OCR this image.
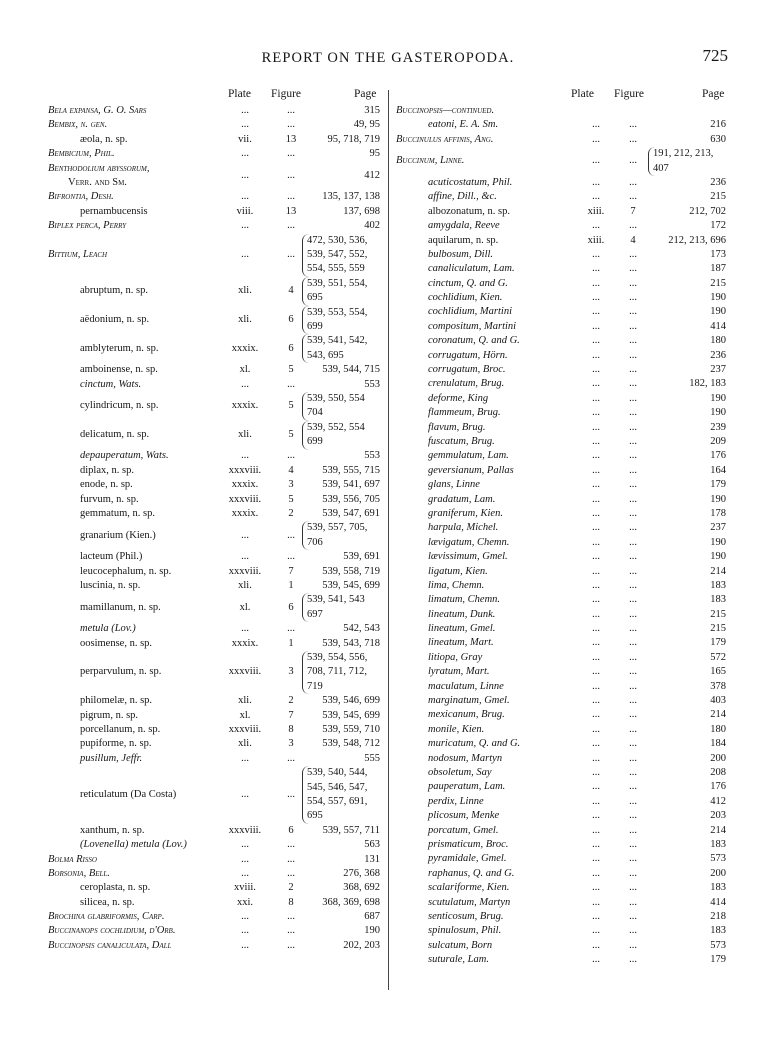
REPORT ON THE GASTEROPODA.	725
Plate Figure	Page
Bela expansa, G. O. Sars	...	...	315
Bembix, n. gen.	...	...	49, 95
æola, n. sp.	vii.	13	95, 718, 719
Bembicium, Phil.	...	...	95
Benthodolium abyssorum,
Verr. and Sm.
...	...	412
Bifrontia, Desh.	...	...	135, 137, 138
pernambucensis	viii.	13	137, 698
Biplex perca, Perry	...	...	402
Bittium, Leach	...	...
472, 530, 536,
539, 547, 552,
554, 555, 559
abruptum, n. sp.	xli.	4
539, 551, 554,
695
aëdonium, n. sp.	xli.	6
539, 553, 554,
699
amblyterum, n. sp.	xxxix.	6
539, 541, 542,
543, 695
amboinense, n. sp.	xl.	5	539, 544, 715
cinctum, Wats.	...	...	553
cylindricum, n. sp.	xxxix.	5
539, 550, 554
704
delicatum, n. sp.	xli.	5
539, 552, 554
699
depauperatum, Wats.	...	...	553
diplax, n. sp.	xxxviii.	4	539, 555, 715
enode, n. sp.	xxxix.	3	539, 541, 697
furvum, n. sp.	xxxviii.	5	539, 556, 705
gemmatum, n. sp.	xxxix.	2	539, 547, 691
granarium (Kien.)	...	...
539, 557, 705,
706
lacteum (Phil.)	...	...	539, 691
leucocephalum, n. sp.	xxxviii.	7	539, 558, 719
luscinia, n. sp.	xli.	1	539, 545, 699
mamillanum, n. sp.	xl.	6
539, 541, 543
697
metula (Lov.)	...	...	542, 543
oosimense, n. sp.	xxxix.	1	539, 543, 718
perparvulum, n. sp.	xxxviii.	3
539, 554, 556,
708, 711, 712,
719
philomelæ, n. sp.	xli.	2	539, 546, 699
pigrum, n. sp.	xl.	7	539, 545, 699
porcellanum, n. sp.	xxxviii.	8	539, 559, 710
pupiforme, n. sp.	xli.	3	539, 548, 712
pusillum, Jeffr.	...	...	555
reticulatum (Da Costa)	...	...
539, 540, 544,
545, 546, 547,
554, 557, 691,
695
xanthum, n. sp.	xxxviii.	6	539, 557, 711
(Lovenella) metula (Lov.)	...	...	563
Bolma Risso	...	...	131
Borsonia, Bell.	...	...	276, 368
ceroplasta, n. sp.	xviii.	2	368, 692
silicea, n. sp.	xxi.	8	368, 369, 698
Brochina glabriformis, Carp.	...	...	687
Buccinanops cochlidium, d'Orb.	...	...	190
Buccinopsis canaliculata, Dall	...	...	202, 203
Plate Figure	Page
Buccinopsis—continued.
eatoni, E. A. Sm.	...	...	216
Buccinulus affinis, Ang.	...	...	630
Buccinum, Linne.	...	...
191, 212, 213,
407
acuticostatum, Phil.	...	...	236
affine, Dill., &c.	...	...	215
albozonatum, n. sp.	xiii.	7	212, 702
amygdala, Reeve	...	...	172
aquilarum, n. sp.	xiii.	4	212, 213, 696
bulbosum, Dill.	...	...	173
canaliculatum, Lam.	...	...	187
cinctum, Q. and G.	...	...	215
cochlidium, Kien.	...	...	190
cochlidium, Martini	...	...	190
compositum, Martini	...	...	414
coronatum, Q. and G.	...	...	180
corrugatum, Hörn.	...	...	236
corrugatum, Broc.	...	...	237
crenulatum, Brug.	...	...	182, 183
deforme, King	...	...	190
flammeum, Brug.	...	...	190
flavum, Brug.	...	...	239
fuscatum, Brug.	...	...	209
gemmulatum, Lam.	...	...	176
geversianum, Pallas	...	...	164
glans, Linne	...	...	179
gradatum, Lam.	...	...	190
graniferum, Kien.	...	...	178
harpula, Michel.	...	...	237
lævigatum, Chemn.	...	...	190
lævissimum, Gmel.	...	...	190
ligatum, Kien.	...	...	214
lima, Chemn.	...	...	183
limatum, Chemn.	...	...	183
lineatum, Dunk.	...	...	215
lineatum, Gmel.	...	...	215
lineatum, Mart.	...	...	179
litiopa, Gray	...	...	572
lyratum, Mart.	...	...	165
maculatum, Linne	...	...	378
marginatum, Gmel.	...	...	403
mexicanum, Brug.	...	...	214
monile, Kien.	...	...	180
muricatum, Q. and G.	...	...	184
nodosum, Martyn	...	...	200
obsoletum, Say	...	...	208
pauperatum, Lam.	...	...	176
perdix, Linne	...	...	412
plicosum, Menke	...	...	203
porcatum, Gmel.	...	...	214
prismaticum, Broc.	...	...	183
pyramidale, Gmel.	...	...	573
raphanus, Q. and G.	...	...	200
scalariforme, Kien.	...	...	183
scutulatum, Martyn	...	...	414
senticosum, Brug.	...	...	218
spinulosum, Phil.	...	...	183
sulcatum, Born	...	...	573
suturale, Lam.	...	...	179
